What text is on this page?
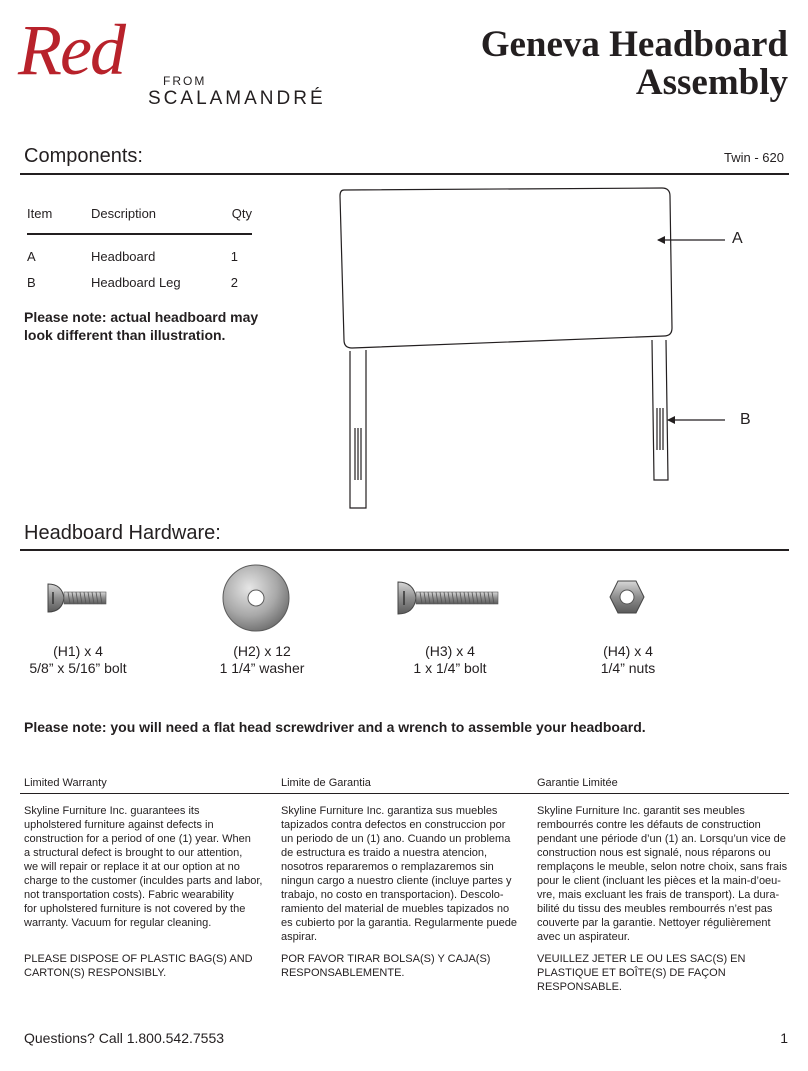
Red	FROM
SCALAMANDRÉ
Geneva Headboard
Assembly
Components:	Twin - 620
Item	Description	Qty
A	Headboard	1
B	Headboard Leg	2
Please note: actual headboard may
look different than illustration.
A
B
Headboard Hardware:
(H1) x 4
5/8” x 5/16” bolt
(H2) x 12
1 1/4” washer
(H3) x 4
1 x 1/4” bolt
(H4) x 4
1/4” nuts
Please note: you will need a flat head screwdriver and a wrench to assemble your headboard.
Limited Warranty	Limite de Garantia	Garantie Limitée
Skyline Furniture Inc. guarantees its
upholstered furniture against defects in
construction for a period of one (1) year. When
a structural defect is brought to our attention,
we will repair or replace it at our option at no
charge to the customer (inculdes parts and labor,
not transportation costs). Fabric wearability
for upholstered furniture is not covered by the
warranty. Vacuum for regular cleaning.
Skyline Furniture Inc. garantiza sus muebles
tapizados contra defectos en construccion por
un periodo de un (1) ano. Cuando un problema
de estructura es traido a nuestra atencion,
nosotros repararemos o remplazaremos sin
ningun cargo a nuestro cliente (incluye partes y
trabajo, no costo en transportacion). Descolo-
ramiento del material de muebles tapizados no
es cubierto por la garantia. Regularmente puede
aspirar.
Skyline Furniture Inc. garantit ses meubles
rembourrés contre les défauts de construction
pendant une période d’un (1) an. Lorsqu’un vice de
construction nous est signalé, nous réparons ou
remplaçons le meuble, selon notre choix, sans frais
pour le client (incluant les pièces et la main-d’oeu-
vre, mais excluant les frais de transport). La dura-
bilité du tissu des meubles rembourrés n’est pas
couverte par la garantie. Nettoyer régulièrement
avec un aspirateur.
PLEASE DISPOSE OF PLASTIC BAG(S) AND
CARTON(S) RESPONSIBLY.
POR FAVOR TIRAR BOLSA(S) Y CAJA(S)
RESPONSABLEMENTE.
VEUILLEZ JETER LE OU LES SAC(S) EN
PLASTIQUE ET BOÎTE(S) DE FAÇON
RESPONSABLE.
Questions? Call 1.800.542.7553	1
